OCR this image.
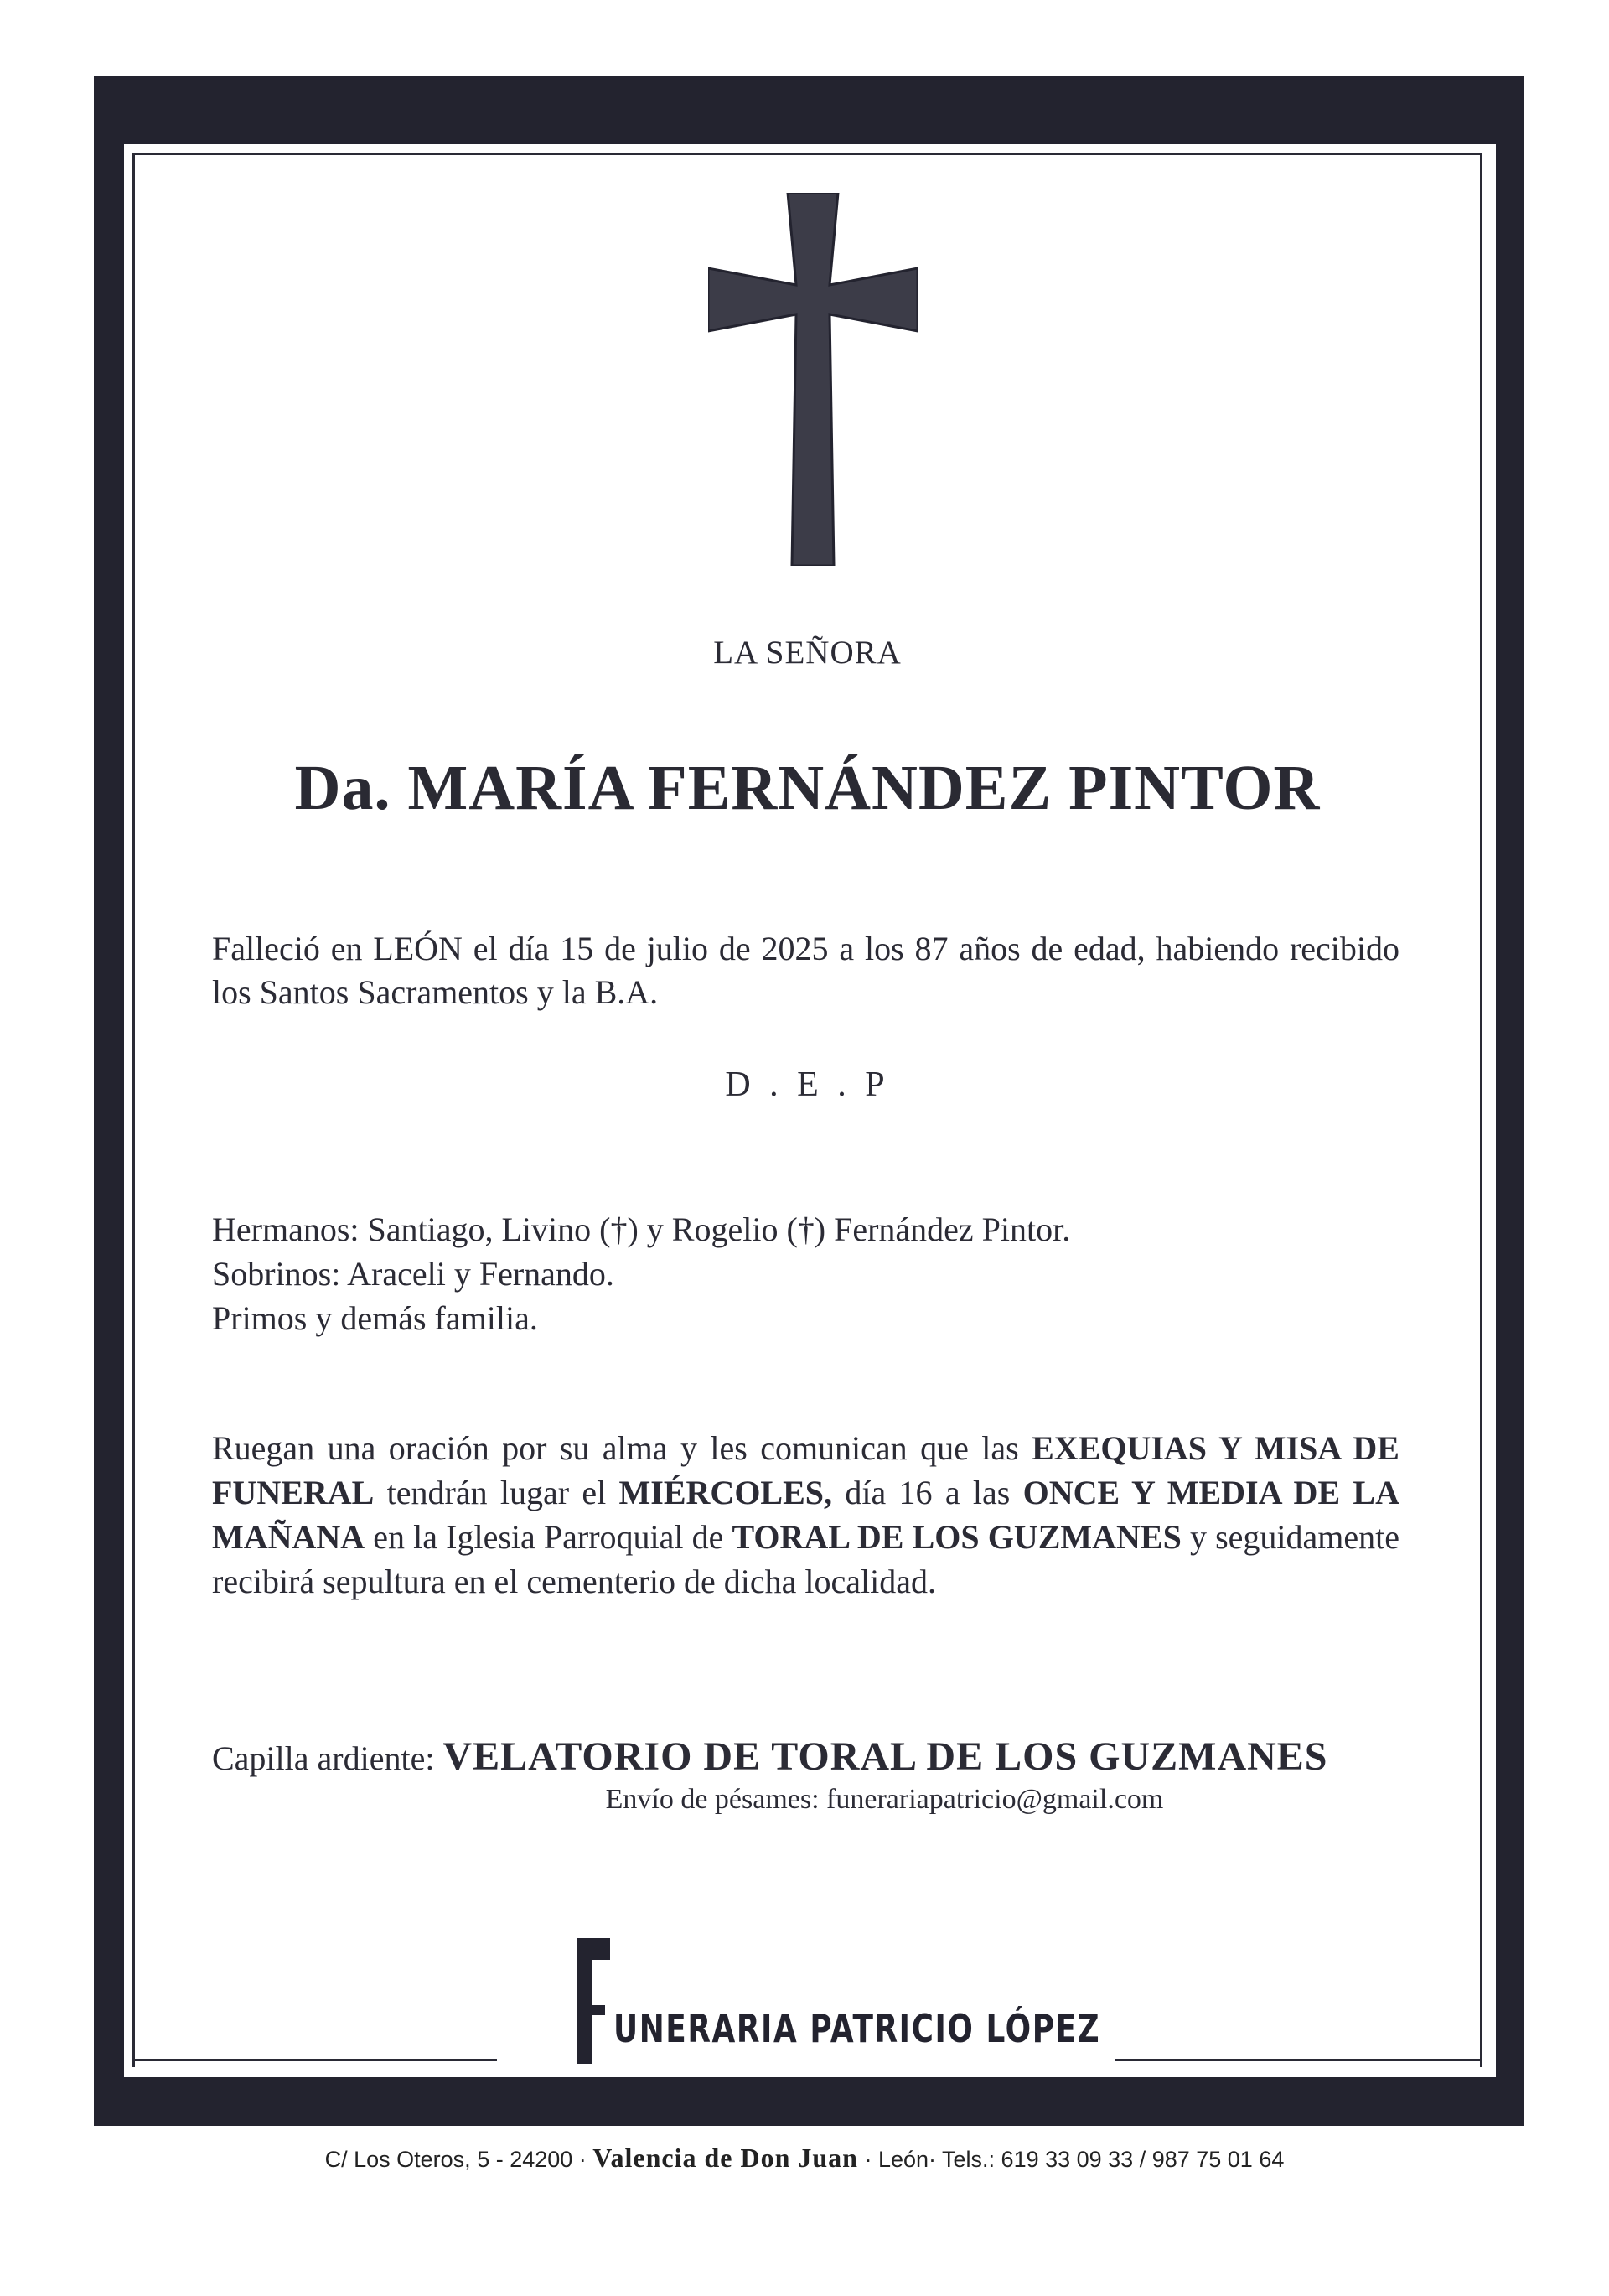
LA SEÑORA
Da. MARÍA FERNÁNDEZ PINTOR
Falleció en LEÓN el día 15 de julio de 2025 a los 87 años de edad, habiendo recibido los Santos Sacramentos y la B.A.
D . E . P
Hermanos: Santiago, Livino (†) y Rogelio (†) Fernández Pintor.
Sobrinos: Araceli y Fernando.
Primos y demás familia.
Ruegan una oración por su alma y les comunican que las EXEQUIAS Y MISA DE FUNERAL tendrán lugar el MIÉRCOLES, día 16 a las ONCE Y MEDIA DE LA MAÑANA en la Iglesia Parroquial de TORAL DE LOS GUZMANES y seguidamente recibirá sepultura en el cementerio de dicha localidad.
Capilla ardiente: VELATORIO DE TORAL DE LOS GUZMANES
Envío de pésames: funerariapatricio@gmail.com
UNERARIA PATRICIO LÓPEZ
C/ Los Oteros, 5 - 24200 · Valencia de Don Juan · León· Tels.: 619 33 09 33 / 987 75 01 64
